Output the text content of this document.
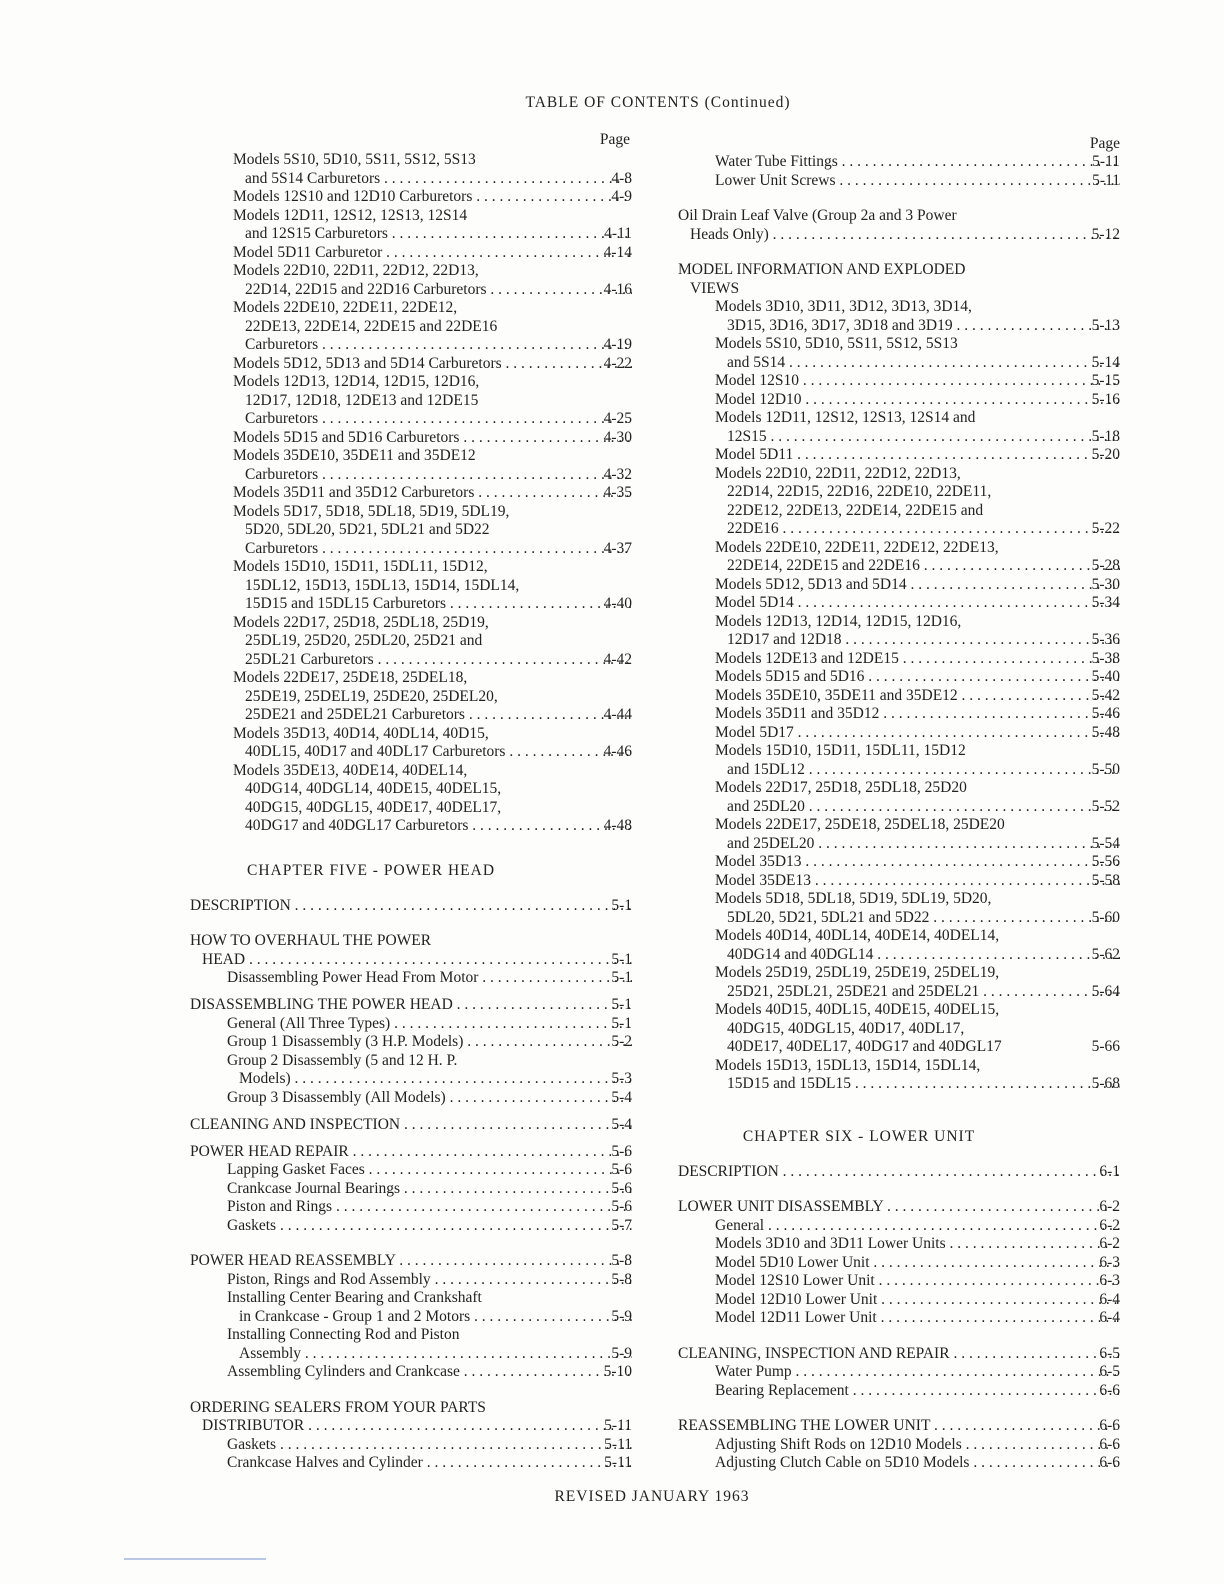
TABLE OF CONTENTS (Continued)
Page
Models 5S10, 5D10, 5S11, 5S12, 5S13
and 5S14 Carburetors . . .	4-8
Models 12S10 and 12D10 Carburetors . . .	4-9
Models 12D11, 12S12, 12S13, 12S14
and 12S15 Carburetors . . .	4-11
Model 5D11 Carburetor . . .	4-14
Models 22D10, 22D11, 22D12, 22D13,
22D14, 22D15 and 22D16 Carburetors . . .	4-16
Models 22DE10, 22DE11, 22DE12,
22DE13, 22DE14, 22DE15 and 22DE16
Carburetors . . .	4-19
Models 5D12, 5D13 and 5D14 Carburetors . . .	4-22
Models 12D13, 12D14, 12D15, 12D16,
12D17, 12D18, 12DE13 and 12DE15
Carburetors . . .	4-25
Models 5D15 and 5D16 Carburetors . . .	4-30
Models 35DE10, 35DE11 and 35DE12
Carburetors . . .	4-32
Models 35D11 and 35D12 Carburetors . . .	4-35
Models 5D17, 5D18, 5DL18, 5D19, 5DL19,
5D20, 5DL20, 5D21, 5DL21 and 5D22
Carburetors . . .	4-37
Models 15D10, 15D11, 15DL11, 15D12,
15DL12, 15D13, 15DL13, 15D14, 15DL14,
15D15 and 15DL15 Carburetors . . .	4-40
Models 22D17, 25D18, 25DL18, 25D19,
25DL19, 25D20, 25DL20, 25D21 and
25DL21 Carburetors . . .	4-42
Models 22DE17, 25DE18, 25DEL18,
25DE19, 25DEL19, 25DE20, 25DEL20,
25DE21 and 25DEL21 Carburetors . . .	4-44
Models 35D13, 40D14, 40DL14, 40D15,
40DL15, 40D17 and 40DL17 Carburetors . . .	4-46
Models 35DE13, 40DE14, 40DEL14,
40DG14, 40DGL14, 40DE15, 40DEL15,
40DG15, 40DGL15, 40DE17, 40DEL17,
40DG17 and 40DGL17 Carburetors . . .	4-48
CHAPTER FIVE - POWER HEAD
DESCRIPTION . . .	5-1
HOW TO OVERHAUL THE POWER
HEAD . . .	5-1
Disassembling Power Head From Motor . . .	5-1
DISASSEMBLING THE POWER HEAD . . .	5-1
General (All Three Types) . . .	5-1
Group 1 Disassembly (3 H.P. Models) . . .	5-2
Group 2 Disassembly (5 and 12 H. P.
Models) . . .	5-3
Group 3 Disassembly (All Models) . . .	5-4
CLEANING AND INSPECTION . . .	5-4
POWER HEAD REPAIR . . .	5-6
Lapping Gasket Faces . . .	5-6
Crankcase Journal Bearings . . .	5-6
Piston and Rings . . .	5-6
Gaskets . . .	5-7
POWER HEAD REASSEMBLY . . .	5-8
Piston, Rings and Rod Assembly . . .	5-8
Installing Center Bearing and Crankshaft
in Crankcase - Group 1 and 2 Motors . . .	5-9
Installing Connecting Rod and Piston
Assembly . . .	5-9
Assembling Cylinders and Crankcase . . .	5-10
ORDERING SEALERS FROM YOUR PARTS
DISTRIBUTOR . . .	5-11
Gaskets . . .	5-11
Crankcase Halves and Cylinder . . .	5-11
Page
Water Tube Fittings . . .	5-11
Lower Unit Screws . . .	5-11
Oil Drain Leaf Valve (Group 2a and 3 Power
Heads Only) . . .	5-12
MODEL INFORMATION AND EXPLODED
VIEWS
Models 3D10, 3D11, 3D12, 3D13, 3D14,
3D15, 3D16, 3D17, 3D18 and 3D19 . . .	5-13
Models 5S10, 5D10, 5S11, 5S12, 5S13
and 5S14 . . .	5-14
Model 12S10 . . .	5-15
Model 12D10 . . .	5-16
Models 12D11, 12S12, 12S13, 12S14 and
12S15 . . .	5-18
Model 5D11 . . .	5-20
Models 22D10, 22D11, 22D12, 22D13,
22D14, 22D15, 22D16, 22DE10, 22DE11,
22DE12, 22DE13, 22DE14, 22DE15 and
22DE16 . . .	5-22
Models 22DE10, 22DE11, 22DE12, 22DE13,
22DE14, 22DE15 and 22DE16 . . .	5-28
Models 5D12, 5D13 and 5D14 . . .	5-30
Model 5D14 . . .	5-34
Models 12D13, 12D14, 12D15, 12D16,
12D17 and 12D18 . . .	5-36
Models 12DE13 and 12DE15 . . .	5-38
Models 5D15 and 5D16 . . .	5-40
Models 35DE10, 35DE11 and 35DE12 . . .	5-42
Models 35D11 and 35D12 . . .	5-46
Model 5D17 . . .	5-48
Models 15D10, 15D11, 15DL11, 15D12
and 15DL12 . . .	5-50
Models 22D17, 25D18, 25DL18, 25D20
and 25DL20 . . .	5-52
Models 22DE17, 25DE18, 25DEL18, 25DE20
and 25DEL20 . . .	5-54
Model 35D13 . . .	5-56
Model 35DE13 . . .	5-58
Models 5D18, 5DL18, 5D19, 5DL19, 5D20,
5DL20, 5D21, 5DL21 and 5D22 . . .	5-60
Models 40D14, 40DL14, 40DE14, 40DEL14,
40DG14 and 40DGL14 . . .	5-62
Models 25D19, 25DL19, 25DE19, 25DEL19,
25D21, 25DL21, 25DE21 and 25DEL21 . . .	5-64
Models 40D15, 40DL15, 40DE15, 40DEL15,
40DG15, 40DGL15, 40D17, 40DL17,
40DE17, 40DEL17, 40DG17 and 40DGL17	5-66
Models 15D13, 15DL13, 15D14, 15DL14,
15D15 and 15DL15 . . .	5-68
CHAPTER SIX - LOWER UNIT
DESCRIPTION . . .	6-1
LOWER UNIT DISASSEMBLY . . .	6-2
General . . .	6-2
Models 3D10 and 3D11 Lower Units . . .	6-2
Model 5D10 Lower Unit . . .	6-3
Model 12S10 Lower Unit . . .	6-3
Model 12D10 Lower Unit . . .	6-4
Model 12D11 Lower Unit . . .	6-4
CLEANING, INSPECTION AND REPAIR . . .	6-5
Water Pump . . .	6-5
Bearing Replacement . . .	6-6
REASSEMBLING THE LOWER UNIT . . .	6-6
Adjusting Shift Rods on 12D10 Models . . .	6-6
Adjusting Clutch Cable on 5D10 Models . . .	6-6
REVISED JANUARY 1963
